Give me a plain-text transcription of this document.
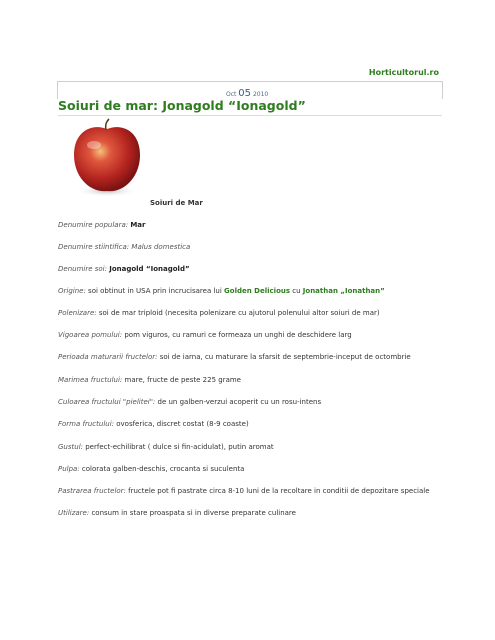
Horticultorul.ro
Oct 05 2010
Soiuri de mar: Jonagold “Ionagold”
Soiuri de Mar
Denumire populara: Mar
Denumire stiintifica: Malus domestica
Denumire soi: Jonagold “Ionagold”
Origine: soi obtinut in USA prin incrucisarea lui Golden Delicious cu Jonathan „Ionathan”
Polenizare: soi de mar triploid (necesita polenizare cu ajutorul polenului altor soiuri de mar)
Vigoarea pomului: pom viguros, cu ramuri ce formeaza un unghi de deschidere larg
Perioada maturarii fructelor: soi de iarna, cu maturare la sfarsit de septembrie-inceput de octombrie
Marimea fructului: mare, fructe de peste 225 grame
Culoarea fructului "pielitei": de un galben-verzui acoperit cu un rosu-intens
Forma fructului: ovosferica, discret costat (8-9 coaste)
Gustul: perfect-echilibrat ( dulce si fin-acidulat), putin aromat
Pulpa: colorata galben-deschis, crocanta si suculenta
Pastrarea fructelor: fructele pot fi pastrate circa 8-10 luni de la recoltare in conditii de depozitare speciale
Utilizare: consum in stare proaspata si in diverse preparate culinare
